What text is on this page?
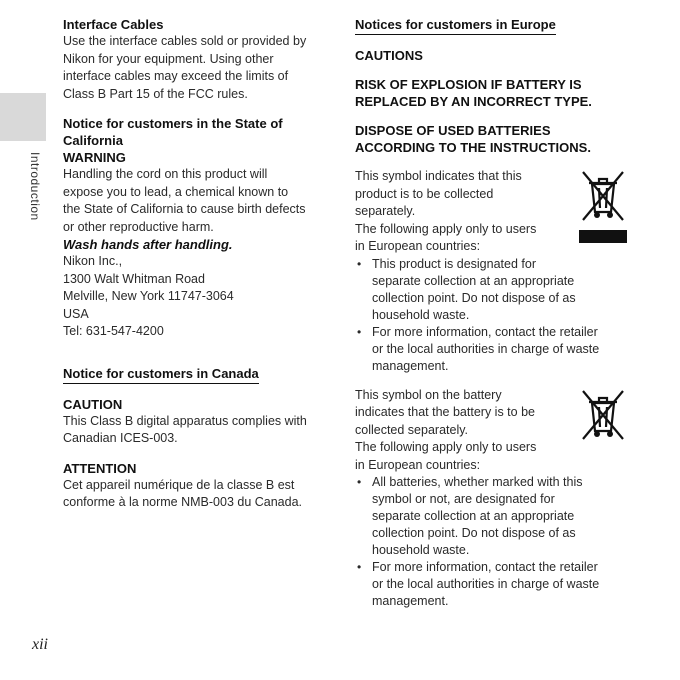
Introduction
xii
Interface Cables
Use the interface cables sold or provided by
Nikon for your equipment. Using other
interface cables may exceed the limits of
Class B Part 15 of the FCC rules.
Notice for customers in the State of
California
WARNING
Handling the cord on this product will
expose you to lead, a chemical known to
the State of California to cause birth defects
or other reproductive harm.
Wash hands after handling.
Nikon Inc.,
1300 Walt Whitman Road
Melville, New York 11747-3064
USA
Tel: 631-547-4200
Notice for customers in Canada
CAUTION
This Class B digital apparatus complies with
Canadian ICES-003.
ATTENTION
Cet appareil numérique de la classe B est
conforme à la norme NMB-003 du Canada.
Notices for customers in Europe
CAUTIONS
RISK OF EXPLOSION IF BATTERY IS
REPLACED BY AN INCORRECT TYPE.
DISPOSE OF USED BATTERIES
ACCORDING TO THE INSTRUCTIONS.
This symbol indicates that this
product is to be collected
separately.
The following apply only to users
in European countries:
• This product is designated for
separate collection at an appropriate
collection point. Do not dispose of as
household waste.
• For more information, contact the retailer
or the local authorities in charge of waste
management.
This symbol on the battery
indicates that the battery is to be
collected separately.
The following apply only to users
in European countries:
• All batteries, whether marked with this
symbol or not, are designated for
separate collection at an appropriate
collection point. Do not dispose of as
household waste.
• For more information, contact the retailer
or the local authorities in charge of waste
management.
